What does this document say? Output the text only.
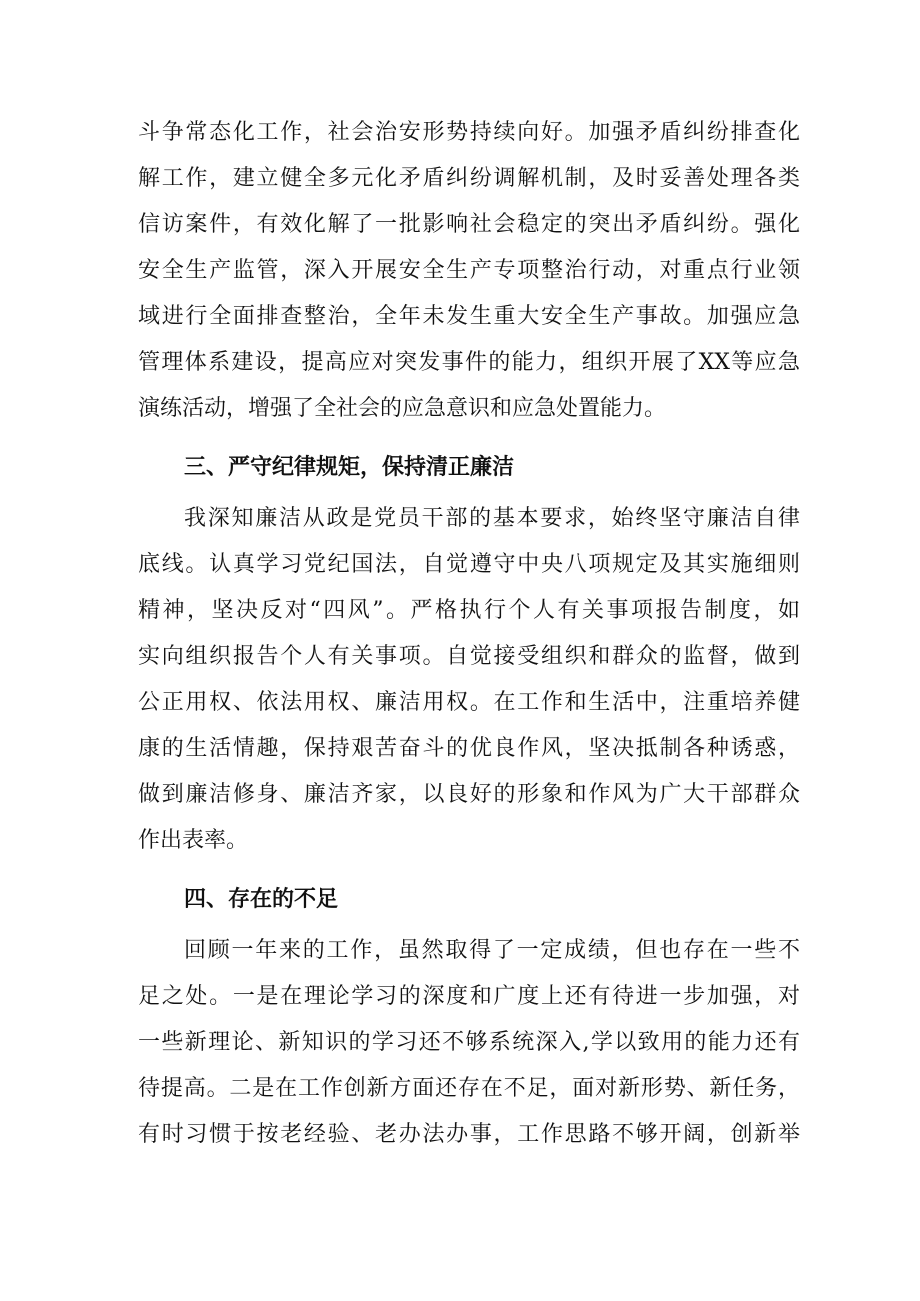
斗争常态化工作，社会治安形势持续向好。加强矛盾纠纷排查化
解工作，建立健全多元化矛盾纠纷调解机制，及时妥善处理各类
信访案件，有效化解了一批影响社会稳定的突出矛盾纠纷。强化
安全生产监管，深入开展安全生产专项整治行动，对重点行业领
域进行全面排查整治，全年未发生重大安全生产事故。加强应急
管理体系建设，提高应对突发事件的能力，组织开展了XX等应急
演练活动，增强了全社会的应急意识和应急处置能力。
三、严守纪律规矩，保持清正廉洁
我深知廉洁从政是党员干部的基本要求，始终坚守廉洁自律
底线。认真学习党纪国法，自觉遵守中央八项规定及其实施细则
精神，坚决反对“四风”。严格执行个人有关事项报告制度，如
实向组织报告个人有关事项。自觉接受组织和群众的监督，做到
公正用权、依法用权、廉洁用权。在工作和生活中，注重培养健
康的生活情趣，保持艰苦奋斗的优良作风，坚决抵制各种诱惑，
做到廉洁修身、廉洁齐家，以良好的形象和作风为广大干部群众
作出表率。
四、存在的不足
回顾一年来的工作，虽然取得了一定成绩，但也存在一些不
足之处。一是在理论学习的深度和广度上还有待进一步加强，对
一些新理论、新知识的学习还不够系统深入,学以致用的能力还有
待提高。二是在工作创新方面还存在不足，面对新形势、新任务，
有时习惯于按老经验、老办法办事，工作思路不够开阔，创新举
